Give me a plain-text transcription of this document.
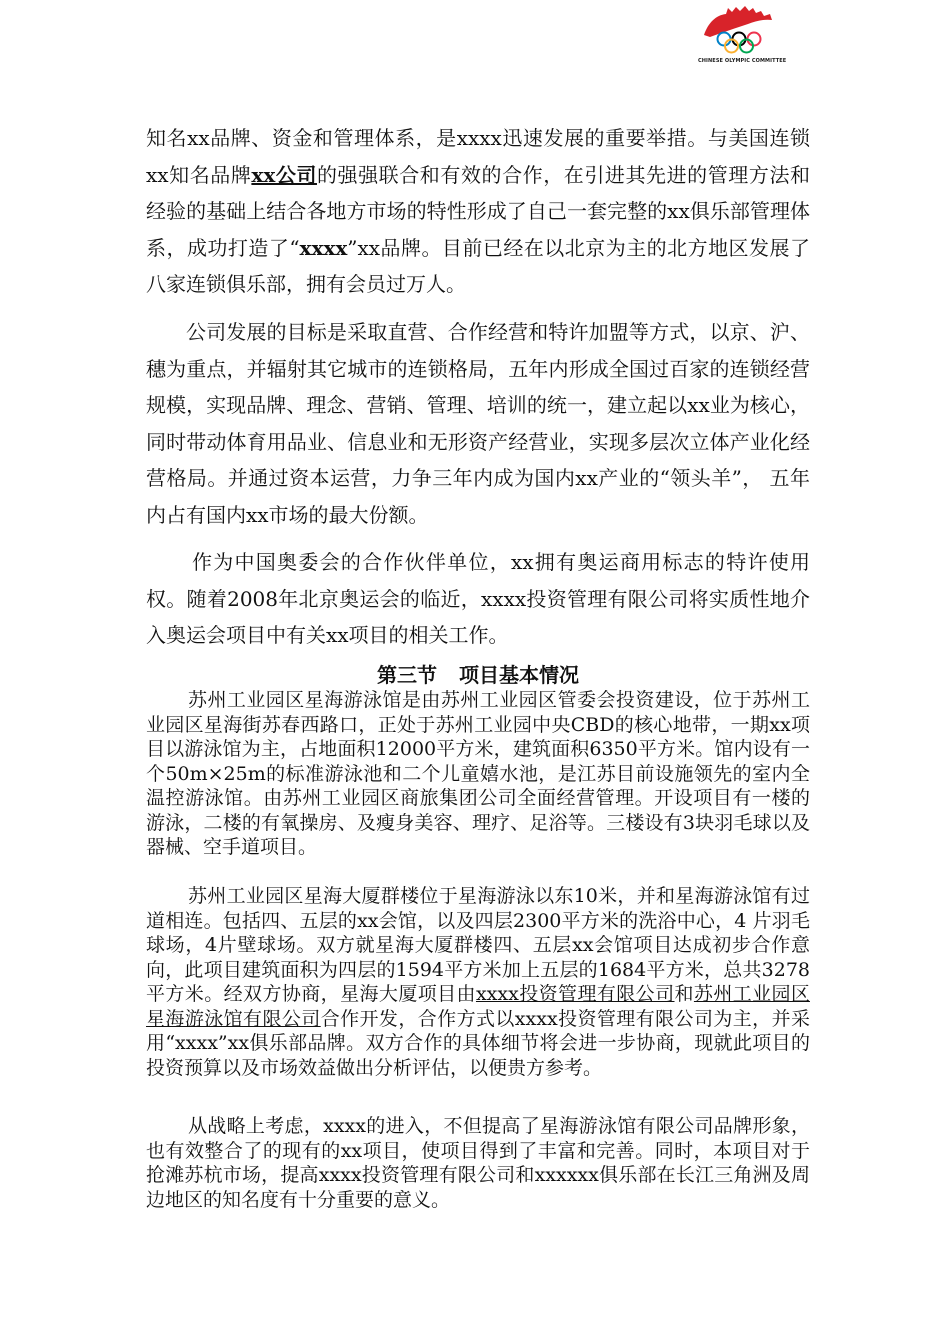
CHINESE OLYMPIC COMMITTEE

知名xx品牌、资金和管理体系，是xxxx迅速发展的重要举措。与美国连锁xx知名品牌xx公司的强强联合和有效的合作，在引进其先进的管理方法和经验的基础上结合各地方市场的特性形成了自己一套完整的xx俱乐部管理体系，成功打造了“xxxx”xx品牌。目前已经在以北京为主的北方地区发展了八家连锁俱乐部，拥有会员过万人。

公司发展的目标是采取直营、合作经营和特许加盟等方式，以京、沪、穗为重点，并辐射其它城市的连锁格局，五年内形成全国过百家的连锁经营规模，实现品牌、理念、营销、管理、培训的统一，建立起以xx业为核心，同时带动体育用品业、信息业和无形资产经营业，实现多层次立体产业化经营格局。并通过资本运营，力争三年内成为国内xx产业的“领头羊”， 五年内占有国内xx市场的最大份额。

作为中国奥委会的合作伙伴单位，xx拥有奥运商用标志的特许使用权。随着2008年北京奥运会的临近，xxxx投资管理有限公司将实质性地介入奥运会项目中有关xx项目的相关工作。

第三节 项目基本情况

苏州工业园区星海游泳馆是由苏州工业园区管委会投资建设，位于苏州工业园区星海街苏春西路口，正处于苏州工业园中央CBD的核心地带，一期xx项目以游泳馆为主，占地面积12000平方米，建筑面积6350平方米。馆内设有一个50m×25m的标准游泳池和二个儿童嬉水池，是江苏目前设施领先的室内全温控游泳馆。由苏州工业园区商旅集团公司全面经营管理。开设项目有一楼的游泳，二楼的有氧操房、及瘦身美容、理疗、足浴等。三楼设有3块羽毛球以及器械、空手道项目。

苏州工业园区星海大厦群楼位于星海游泳以东10米，并和星海游泳馆有过道相连。包括四、五层的xx会馆，以及四层2300平方米的洗浴中心，4 片羽毛球场，4片壁球场。双方就星海大厦群楼四、五层xx会馆项目达成初步合作意向，此项目建筑面积为四层的1594平方米加上五层的1684平方米，总共3278平方米。经双方协商，星海大厦项目由xxxx投资管理有限公司和苏州工业园区星海游泳馆有限公司合作开发，合作方式以xxxx投资管理有限公司为主，并采用“xxxx”xx俱乐部品牌。双方合作的具体细节将会进一步协商，现就此项目的投资预算以及市场效益做出分析评估，以便贵方参考。

从战略上考虑，xxxx的进入，不但提高了星海游泳馆有限公司品牌形象，也有效整合了的现有的xx项目，使项目得到了丰富和完善。同时，本项目对于抢滩苏杭市场，提高xxxx投资管理有限公司和xxxxxx俱乐部在长江三角洲及周边地区的知名度有十分重要的意义。
